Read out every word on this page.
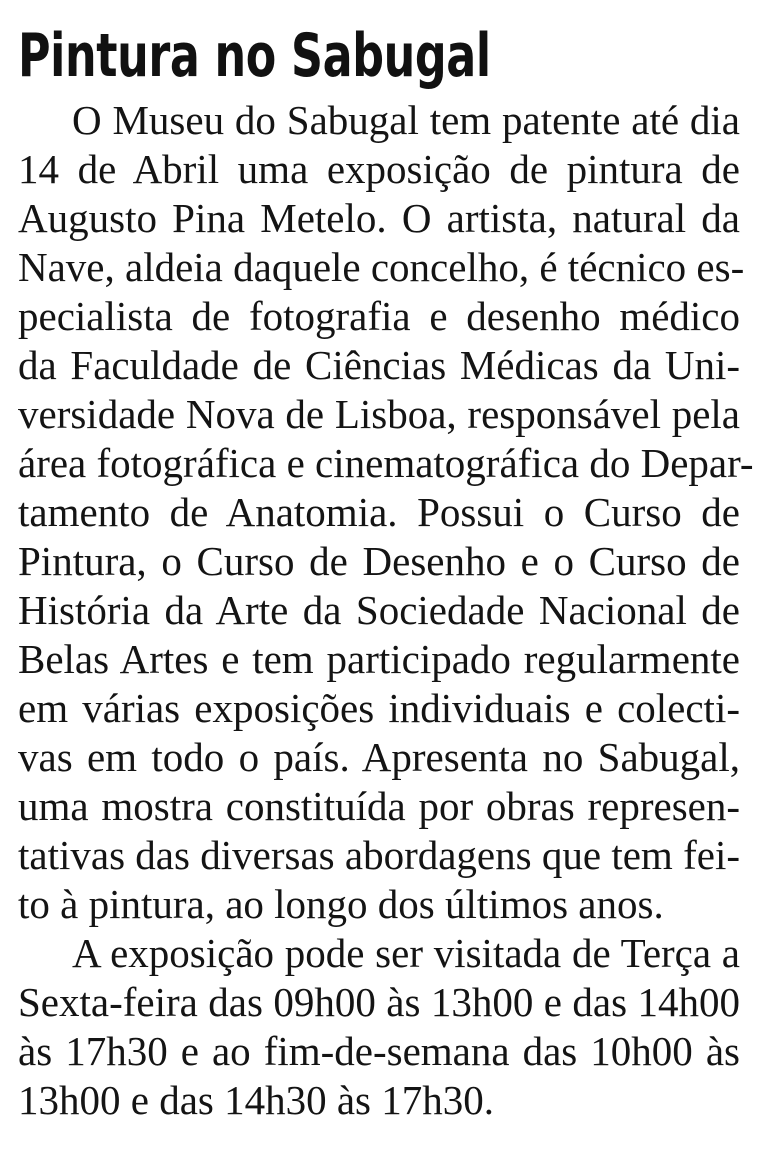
Pintura no Sabugal
O Museu do Sabugal tem patente até dia
14 de Abril uma exposição de pintura de
Augusto Pina Metelo. O artista, natural da
Nave, aldeia daquele concelho, é técnico es-
pecialista de fotografia e desenho médico
da Faculdade de Ciências Médicas da Uni-
versidade Nova de Lisboa, responsável pela
área fotográfica e cinematográfica do Depar-
tamento de Anatomia. Possui o Curso de
Pintura, o Curso de Desenho e o Curso de
História da Arte da Sociedade Nacional de
Belas Artes e tem participado regularmente
em várias exposições individuais e colecti-
vas em todo o país. Apresenta no Sabugal,
uma mostra constituída por obras represen-
tativas das diversas abordagens que tem fei-
to à pintura, ao longo dos últimos anos.
A exposição pode ser visitada de Terça a
Sexta-feira das 09h00 às 13h00 e das 14h00
às 17h30 e ao fim-de-semana das 10h00 às
13h00 e das 14h30 às 17h30.
